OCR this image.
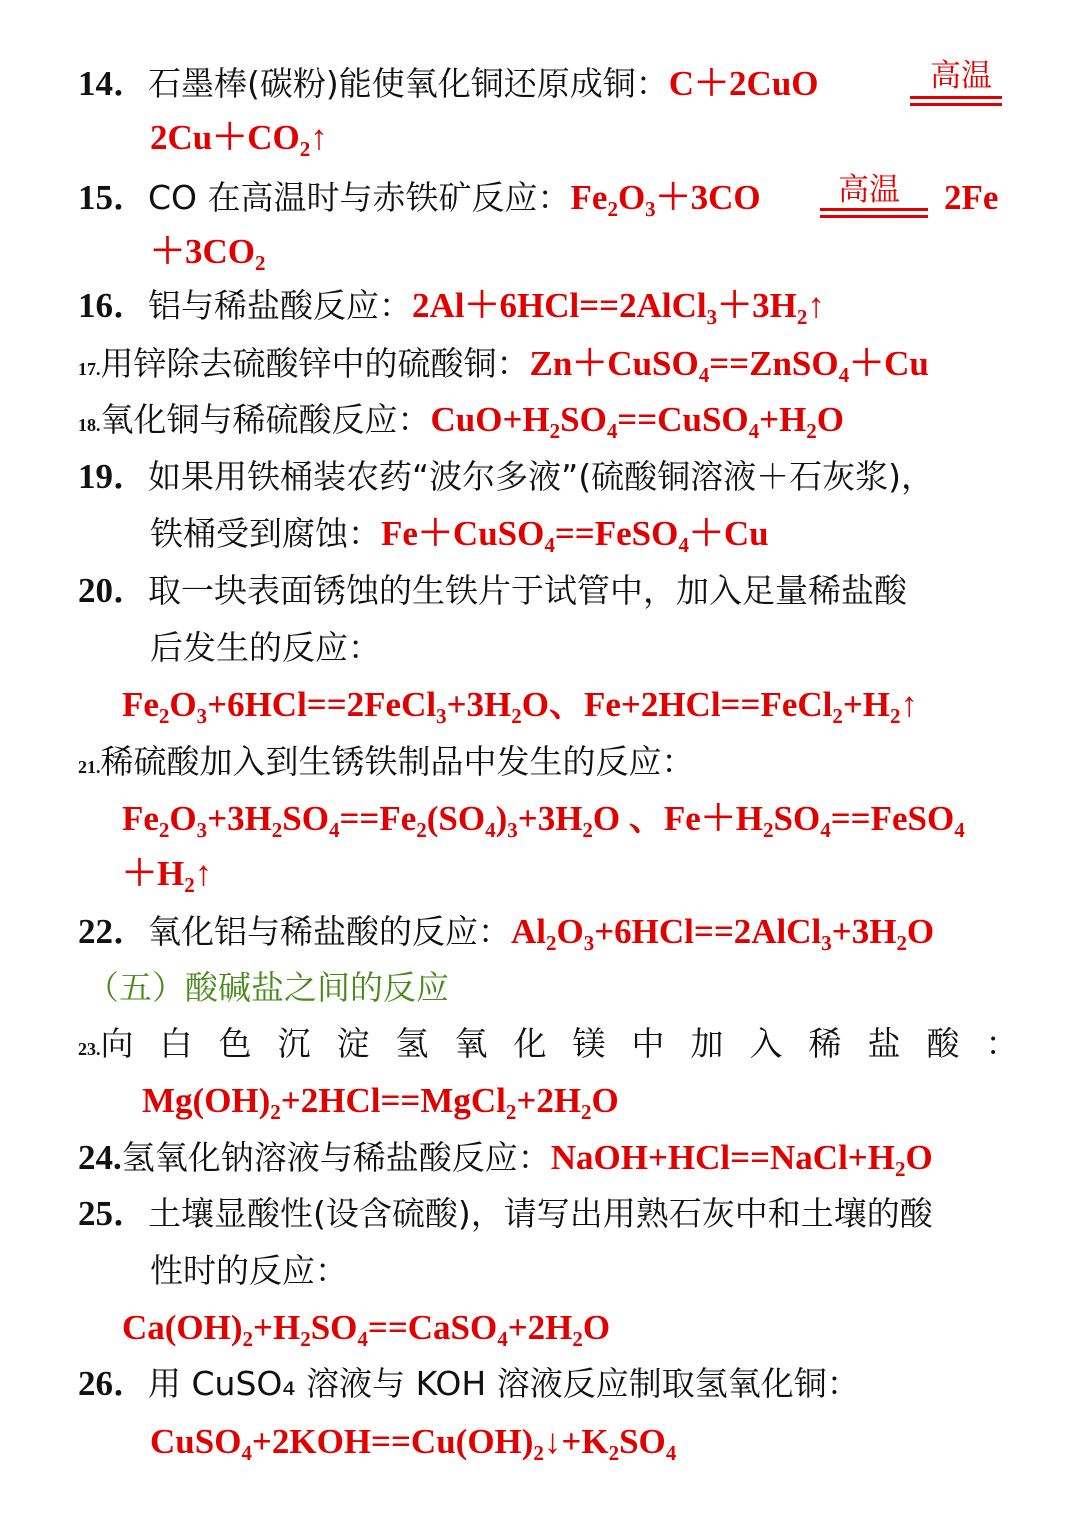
14．石墨棒(碳粉)能使氧化铜还原成铜：C＋2CuO	高温
2Cu＋CO₂↑
15．CO 在高温时与赤铁矿反应：Fe₂O₃＋3CO 高温 2Fe
＋3CO₂
16．铝与稀盐酸反应：2Al＋6HCl==2AlCl₃＋3H₂↑
17.用锌除去硫酸锌中的硫酸铜：Zn＋CuSO₄==ZnSO₄＋Cu
18.氧化铜与稀硫酸反应：CuO+H₂SO₄==CuSO₄+H₂O
19．如果用铁桶装农药“波尔多液”(硫酸铜溶液＋石灰浆)，
铁桶受到腐蚀：Fe＋CuSO₄==FeSO₄＋Cu
20．取一块表面锈蚀的生铁片于试管中，加入足量稀盐酸
后发生的反应：
Fe₂O₃+6HCl==2FeCl₃+3H₂O、Fe+2HCl==FeCl₂+H₂↑
21.稀硫酸加入到生锈铁制品中发生的反应：
Fe₂O₃+3H₂SO₄==Fe₂(SO₄)₃+3H₂O 、Fe＋H₂SO₄==FeSO₄
＋H₂↑
22．氧化铝与稀盐酸的反应：Al₂O₃+6HCl==2AlCl₃+3H₂O
（五）酸碱盐之间的反应
23.向白色沉淀氢氧化镁中加入稀盐酸：
Mg(OH)₂+2HCl==MgCl₂+2H₂O
24.氢氧化钠溶液与稀盐酸反应：NaOH+HCl==NaCl+H₂O
25．土壤显酸性(设含硫酸)，请写出用熟石灰中和土壤的酸
性时的反应：
Ca(OH)₂+H₂SO₄==CaSO₄+2H₂O
26．用 CuSO₄ 溶液与 KOH 溶液反应制取氢氧化铜：
CuSO₄+2KOH==Cu(OH)₂↓+K₂SO₄
